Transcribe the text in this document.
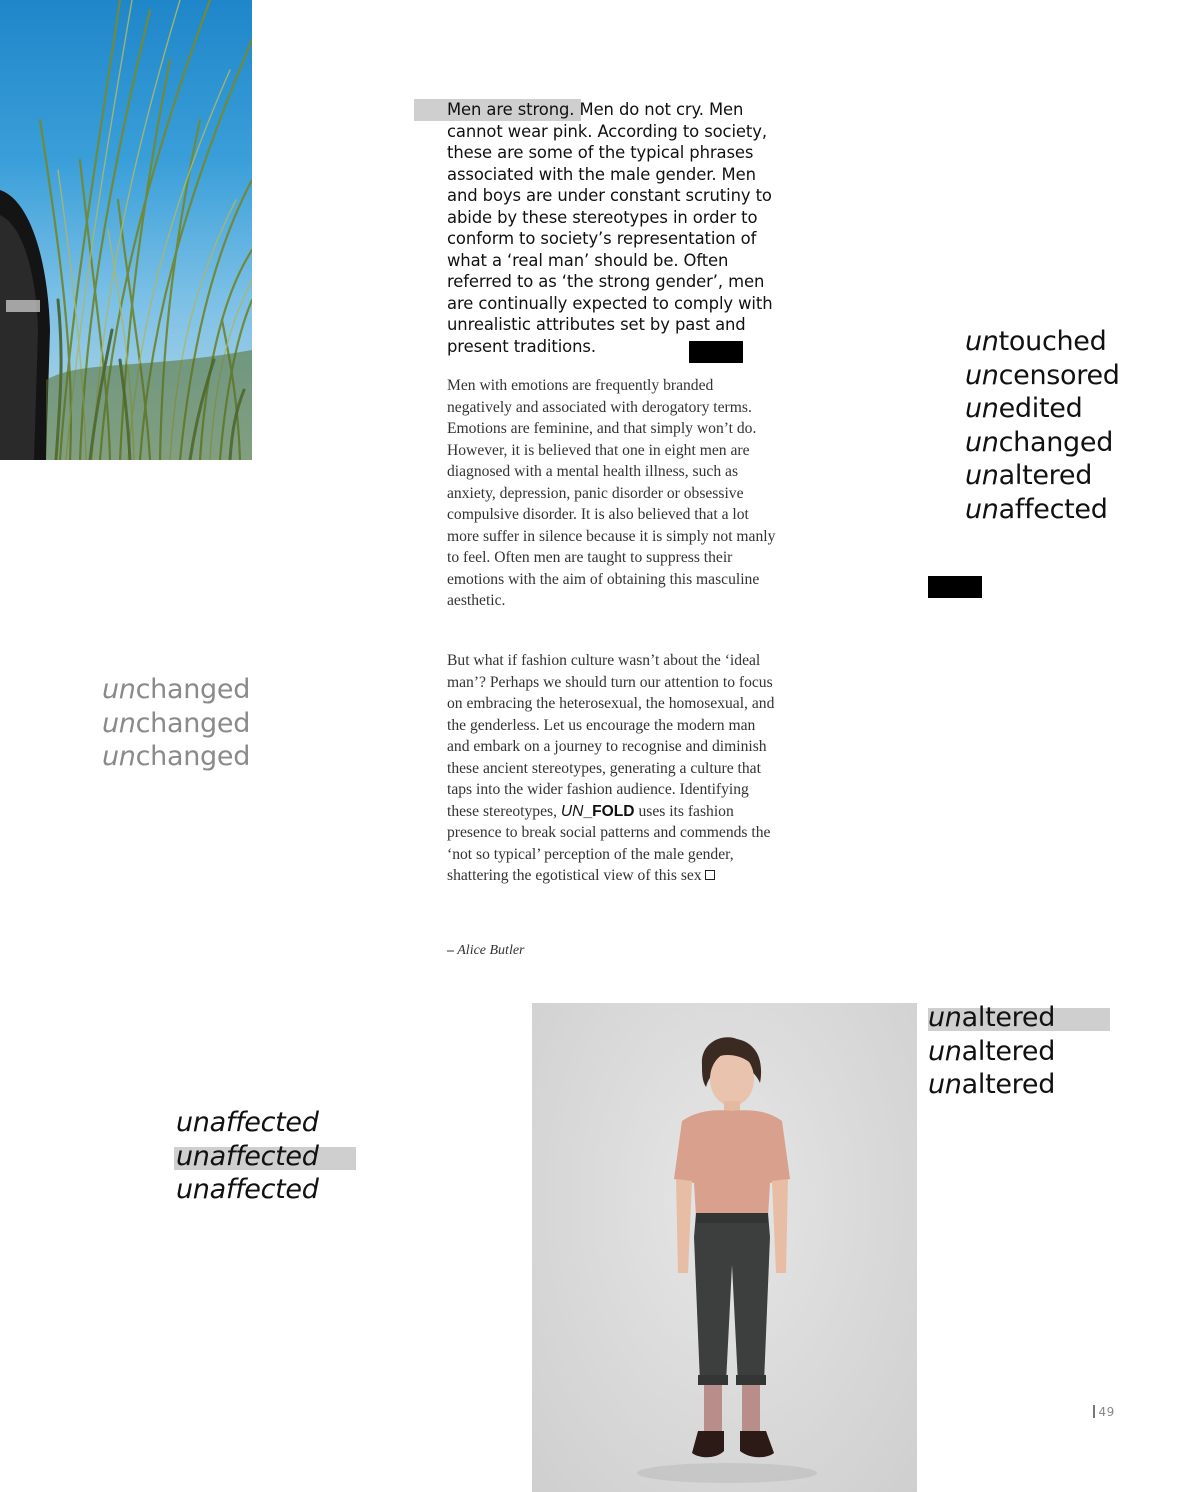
Men are strong. Men do not cry. Men cannot wear pink. According to society, these are some of the typical phrases associated with the male gender. Men and boys are under constant scrutiny to abide by these stereotypes in order to conform to society’s representation of what a ‘real man’ should be. Often referred to as ‘the strong gender’, men are continually expected to comply with unrealistic attributes set by past and present traditions.

Men with emotions are frequently branded negatively and associated with derogatory terms. Emotions are feminine, and that simply won’t do. However, it is believed that one in eight men are diagnosed with a mental health illness, such as anxiety, depression, panic disorder or obsessive compulsive disorder. It is also believed that a lot more suffer in silence because it is simply not manly to feel. Often men are taught to suppress their emotions with the aim of obtaining this masculine aesthetic.

But what if fashion culture wasn’t about the ‘ideal man’? Perhaps we should turn our attention to focus on embracing the heterosexual, the homosexual, and the genderless. Let us encourage the modern man and embark on a journey to recognise and diminish these ancient stereotypes, generating a culture that taps into the wider fashion audience. Identifying these stereotypes, UN_FOLD uses its fashion presence to break social patterns and commends the ‘not so typical’ perception of the male gender, shattering the egotistical view of this sex

– Alice Butler
untouched
uncensored
unedited
unchanged
unaltered
unaffected
unchanged
unchanged
unchanged
unaffected
unaffected
unaffected
unaltered
unaltered
unaltered
49
